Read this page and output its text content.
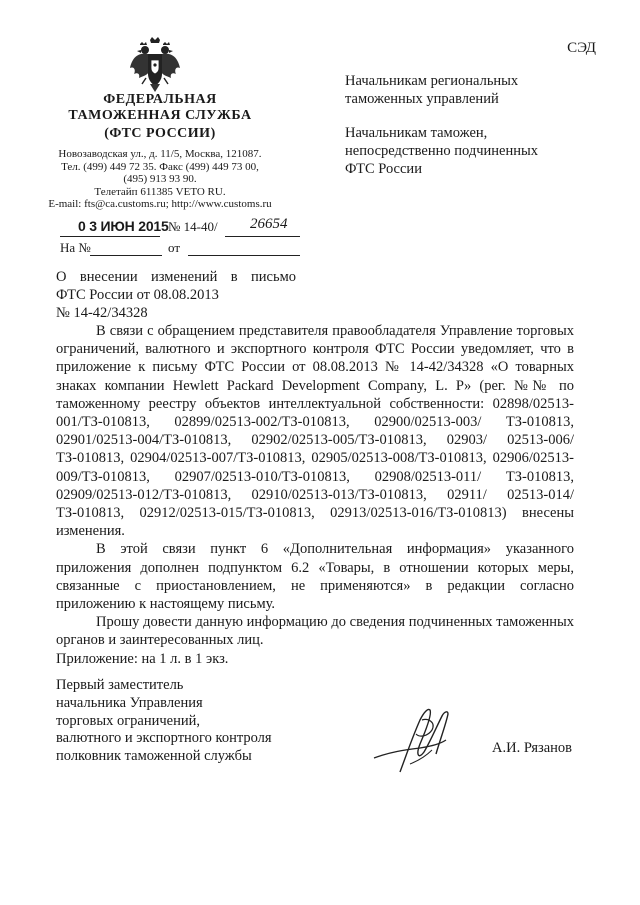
СЭД
ФЕДЕРАЛЬНАЯ
ТАМОЖЕННАЯ СЛУЖБА
(ФТС РОССИИ)
Новозаводская ул., д. 11/5, Москва, 121087.
Тел. (499) 449 72 35. Факс (499) 449 73 00,
(495) 913 93 90.
Телетайп 611385 VETO RU.
E-mail: fts@ca.customs.ru; http://www.customs.ru
0 3 ИЮН 2015 № 14-40/ 26654
На №	от
Начальникам региональных
таможенных управлений
Начальникам таможен,
непосредственно подчиненных
ФТС России
О внесении изменений в письмо
ФТС России от 08.08.2013
№ 14-42/34328

В связи с обращением представителя правообладателя Управление торговых ограничений, валютного и экспортного контроля ФТС России уведомляет, что в приложение к письму ФТС России от 08.08.2013 № 14-42/34328 «О товарных знаках компании Hewlett Packard Development Company, L. P» (рег. №№ по таможенному реестру объектов интеллектуальной собственности: 02898/02513-001/ТЗ-010813, 02899/02513-002/ТЗ-010813, 02900/02513-003/ ТЗ-010813, 02901/02513-004/ТЗ-010813, 02902/02513-005/ТЗ-010813, 02903/ 02513-006/ТЗ-010813, 02904/02513-007/ТЗ-010813, 02905/02513-008/ТЗ-010813, 02906/02513-009/ТЗ-010813, 02907/02513-010/ТЗ-010813, 02908/02513-011/ ТЗ-010813, 02909/02513-012/ТЗ-010813, 02910/02513-013/ТЗ-010813, 02911/ 02513-014/ТЗ-010813, 02912/02513-015/ТЗ-010813, 02913/02513-016/ТЗ-010813) внесены изменения.

В этой связи пункт 6 «Дополнительная информация» указанного приложения дополнен подпунктом 6.2 «Товары, в отношении которых меры, связанные с приостановлением, не применяются» в редакции согласно приложению к настоящему письму.

Прошу довести данную информацию до сведения подчиненных таможенных органов и заинтересованных лиц.

Приложение: на 1 л. в 1 экз.
Первый заместитель
начальника Управления
торговых ограничений,
валютного и экспортного контроля
полковник таможенной службы
А.И. Рязанов
